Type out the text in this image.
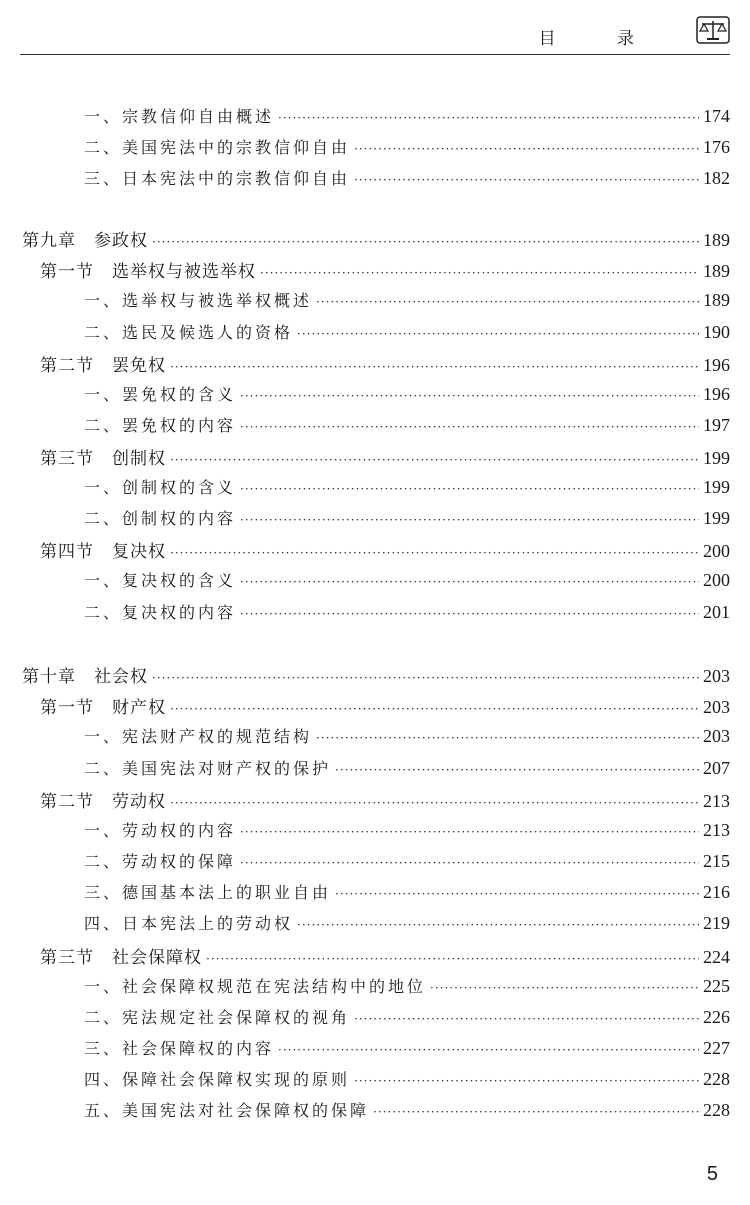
目 录
一、宗教信仰自由概述 ·····	174
二、美国宪法中的宗教信仰自由 ·····	176
三、日本宪法中的宗教信仰自由 ·····	182
第九章　参政权 ·····	189
第一节　选举权与被选举权 ·····	189
一、选举权与被选举权概述 ·····	189
二、选民及候选人的资格 ·····	190
第二节　罢免权 ·····	196
一、罢免权的含义 ·····	196
二、罢免权的内容 ·····	197
第三节　创制权 ·····	199
一、创制权的含义 ·····	199
二、创制权的内容 ·····	199
第四节　复决权 ·····	200
一、复决权的含义 ·····	200
二、复决权的内容 ·····	201
第十章　社会权 ·····	203
第一节　财产权 ·····	203
一、宪法财产权的规范结构 ·····	203
二、美国宪法对财产权的保护 ·····	207
第二节　劳动权 ·····	213
一、劳动权的内容 ·····	213
二、劳动权的保障 ·····	215
三、德国基本法上的职业自由 ·····	216
四、日本宪法上的劳动权 ·····	219
第三节　社会保障权 ·····	224
一、社会保障权规范在宪法结构中的地位 ·····	225
二、宪法规定社会保障权的视角 ·····	226
三、社会保障权的内容 ·····	227
四、保障社会保障权实现的原则 ·····	228
五、美国宪法对社会保障权的保障 ·····	228
5
